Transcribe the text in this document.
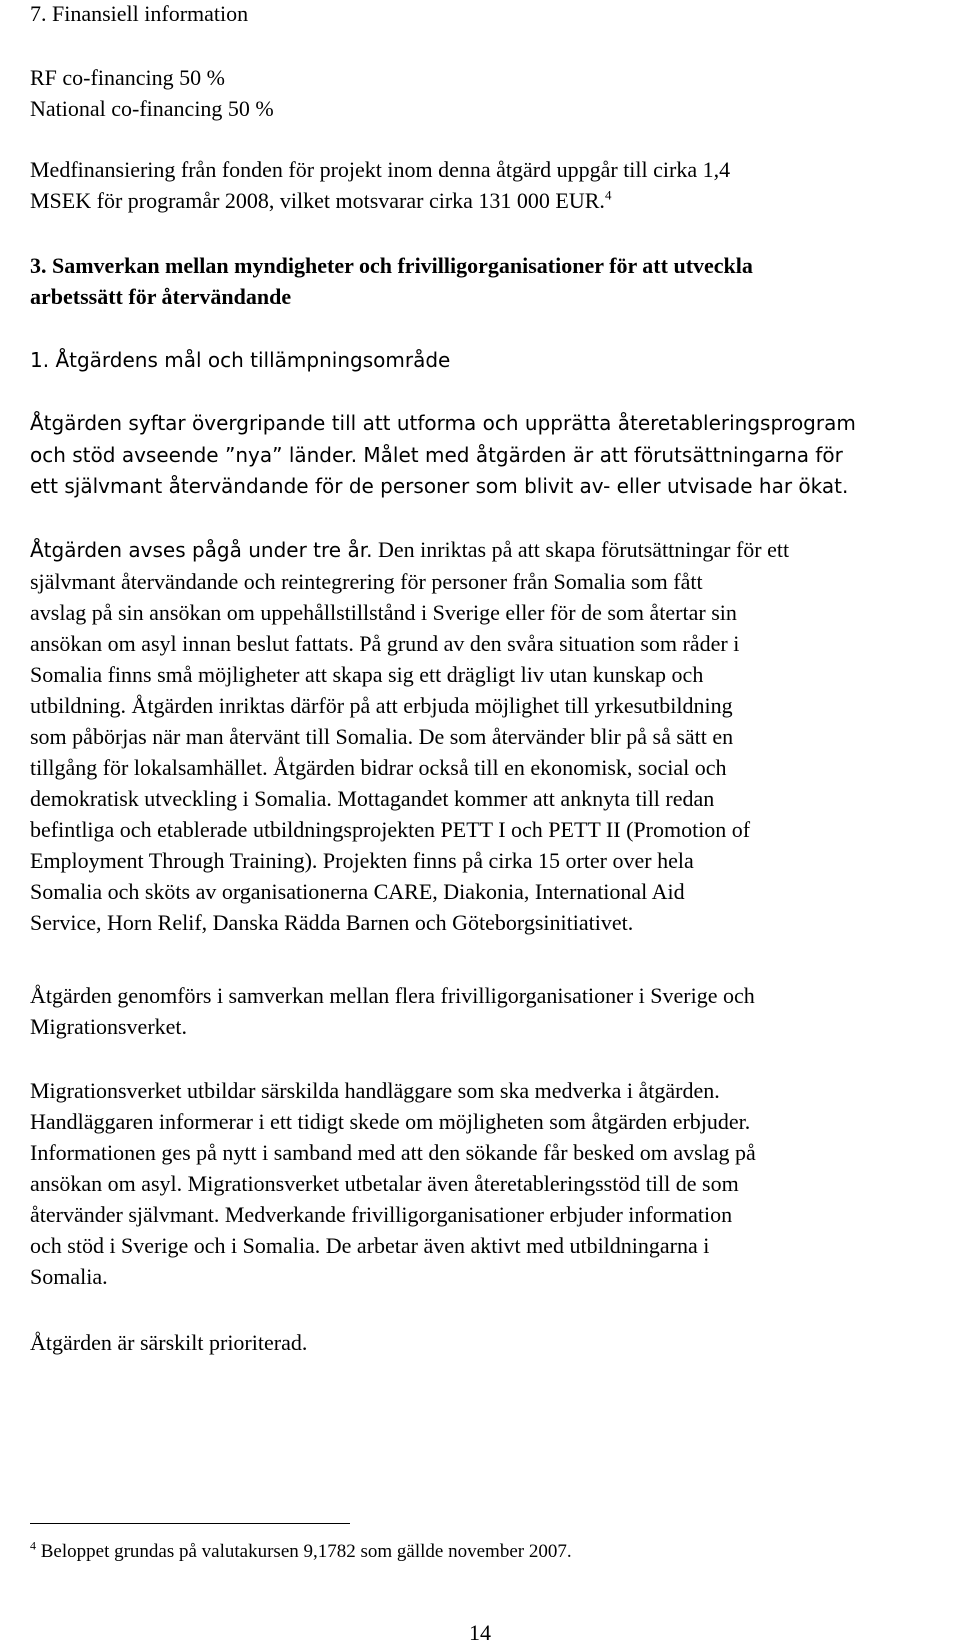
7. Finansiell information
RF co-financing 50 %
National co-financing 50 %
Medfinansiering från fonden för projekt inom denna åtgärd uppgår till cirka 1,4
MSEK för programår 2008, vilket motsvarar cirka 131 000 EUR.$^4$
3. Samverkan mellan myndigheter och frivilligorganisationer för att utveckla
arbetssätt för återvändande
1. Åtgärdens mål och tillämpningsområde
Åtgärden syftar övergripande till att utforma och upprätta återetableringsprogram
och stöd avseende ”nya” länder. Målet med åtgärden är att förutsättningarna för
ett självmant återvändande för de personer som blivit av- eller utvisade har ökat.
Åtgärden avses pågå under tre år. Den inriktas på att skapa förutsättningar för ett
självmant återvändande och reintegrering för personer från Somalia som fått
avslag på sin ansökan om uppehållstillstånd i Sverige eller för de som återtar sin
ansökan om asyl innan beslut fattats. På grund av den svåra situation som råder i
Somalia finns små möjligheter att skapa sig ett drägligt liv utan kunskap och
utbildning. Åtgärden inriktas därför på att erbjuda möjlighet till yrkesutbildning
som påbörjas när man återvänt till Somalia. De som återvänder blir på så sätt en
tillgång för lokalsamhället. Åtgärden bidrar också till en ekonomisk, social och
demokratisk utveckling i Somalia. Mottagandet kommer att anknyta till redan
befintliga och etablerade utbildningsprojekten PETT I och PETT II (Promotion of
Employment Through Training). Projekten finns på cirka 15 orter over hela
Somalia och sköts av organisationerna CARE, Diakonia, International Aid
Service, Horn Relif, Danska Rädda Barnen och Göteborgsinitiativet.
Åtgärden genomförs i samverkan mellan flera frivilligorganisationer i Sverige och
Migrationsverket.
Migrationsverket utbildar särskilda handläggare som ska medverka i åtgärden.
Handläggaren informerar i ett tidigt skede om möjligheten som åtgärden erbjuder.
Informationen ges på nytt i samband med att den sökande får besked om avslag på
ansökan om asyl. Migrationsverket utbetalar även återetableringsstöd till de som
återvänder självmant. Medverkande frivilligorganisationer erbjuder information
och stöd i Sverige och i Somalia. De arbetar även aktivt med utbildningarna i
Somalia.
Åtgärden är särskilt prioriterad.
$^4$ Beloppet grundas på valutakursen 9,1782 som gällde november 2007.
14
